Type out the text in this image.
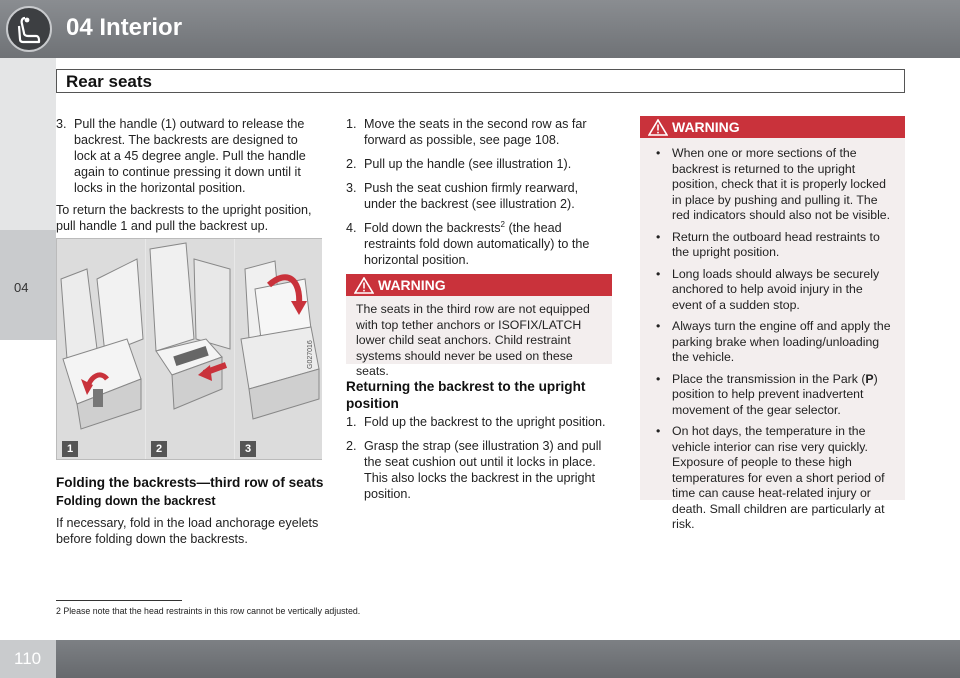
04 Interior
Rear seats
04
3. Pull the handle (1) outward to release the backrest. The backrests are designed to lock at a 45 degree angle. Pull the handle again to continue pressing it down until it locks in the horizontal position.

To return the backrests to the upright position, pull handle 1 and pull the backrest up.

1	2	3
G027016
Folding the backrests—third row of seats
Folding down the backrest

If necessary, fold in the load anchorage eyelets before folding down the backrests.

1. Move the seats in the second row as far forward as possible, see page 108.
2. Pull up the handle (see illustration 1).
3. Push the seat cushion firmly rearward, under the backrest (see illustration 2).
4. Fold down the backrests$^2$ (the head restraints fold down automatically) to the horizontal position.
WARNING
The seats in the third row are not equipped with top tether anchors or ISOFIX/LATCH lower child seat anchors. Child restraint systems should never be used on these seats.
Returning the backrest to the upright position
1. Fold up the backrest to the upright position.
2. Grasp the strap (see illustration 3) and pull the seat cushion out until it locks in place. This also locks the backrest in the upright position.
WARNING
• When one or more sections of the backrest is returned to the upright position, check that it is properly locked in place by pushing and pulling it. The red indicators should also not be visible.
• Return the outboard head restraints to the upright position.
• Long loads should always be securely anchored to help avoid injury in the event of a sudden stop.
• Always turn the engine off and apply the parking brake when loading/unloading the vehicle.
• Place the transmission in the Park (P) position to help prevent inadvertent movement of the gear selector.
• On hot days, the temperature in the vehicle interior can rise very quickly. Exposure of people to these high temperatures for even a short period of time can cause heat-related injury or death. Small children are particularly at risk.
2 Please note that the head restraints in this row cannot be vertically adjusted.
110
